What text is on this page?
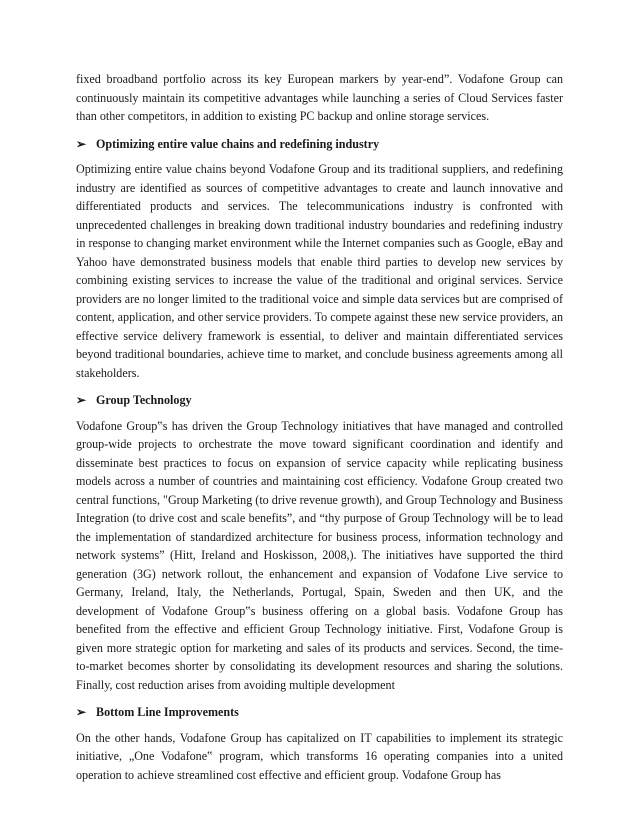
fixed broadband portfolio across its key European markers by year-end”. Vodafone Group can continuously maintain its competitive advantages while launching a series of Cloud Services faster than other competitors, in addition to existing PC backup and online storage services.

➢ Optimizing entire value chains and redefining industry

Optimizing entire value chains beyond Vodafone Group and its traditional suppliers, and redefining industry are identified as sources of competitive advantages to create and launch innovative and differentiated products and services. The telecommunications industry is confronted with unprecedented challenges in breaking down traditional industry boundaries and redefining industry in response to changing market environment while the Internet companies such as Google, eBay and Yahoo have demonstrated business models that enable third parties to develop new services by combining existing services to increase the value of the traditional and original services. Service providers are no longer limited to the traditional voice and simple data services but are comprised of content, application, and other service providers. To compete against these new service providers, an effective service delivery framework is essential, to deliver and maintain differentiated services beyond traditional boundaries, achieve time to market, and conclude business agreements among all stakeholders.

➢ Group Technology

Vodafone Group‟s has driven the Group Technology initiatives that have managed and controlled group-wide projects to orchestrate the move toward significant coordination and identify and disseminate best practices to focus on expansion of service capacity while replicating business models across a number of countries and maintaining cost efficiency. Vodafone Group created two central functions, "Group Marketing (to drive revenue growth), and Group Technology and Business Integration (to drive cost and scale benefits”, and “thy purpose of Group Technology will be to lead the implementation of standardized architecture for business process, information technology and network systems” (Hitt, Ireland and Hoskisson, 2008,). The initiatives have supported the third generation (3G) network rollout, the enhancement and expansion of Vodafone Live service to Germany, Ireland, Italy, the Netherlands, Portugal, Spain, Sweden and then UK, and the development of Vodafone Group‟s business offering on a global basis. Vodafone Group has benefited from the effective and efficient Group Technology initiative. First, Vodafone Group is given more strategic option for marketing and sales of its products and services. Second, the time-to-market becomes shorter by consolidating its development resources and sharing the solutions. Finally, cost reduction arises from avoiding multiple development

➢ Bottom Line Improvements

On the other hands, Vodafone Group has capitalized on IT capabilities to implement its strategic initiative, „One Vodafone‟ program, which transforms 16 operating companies into a united operation to achieve streamlined cost effective and efficient group. Vodafone Group has
